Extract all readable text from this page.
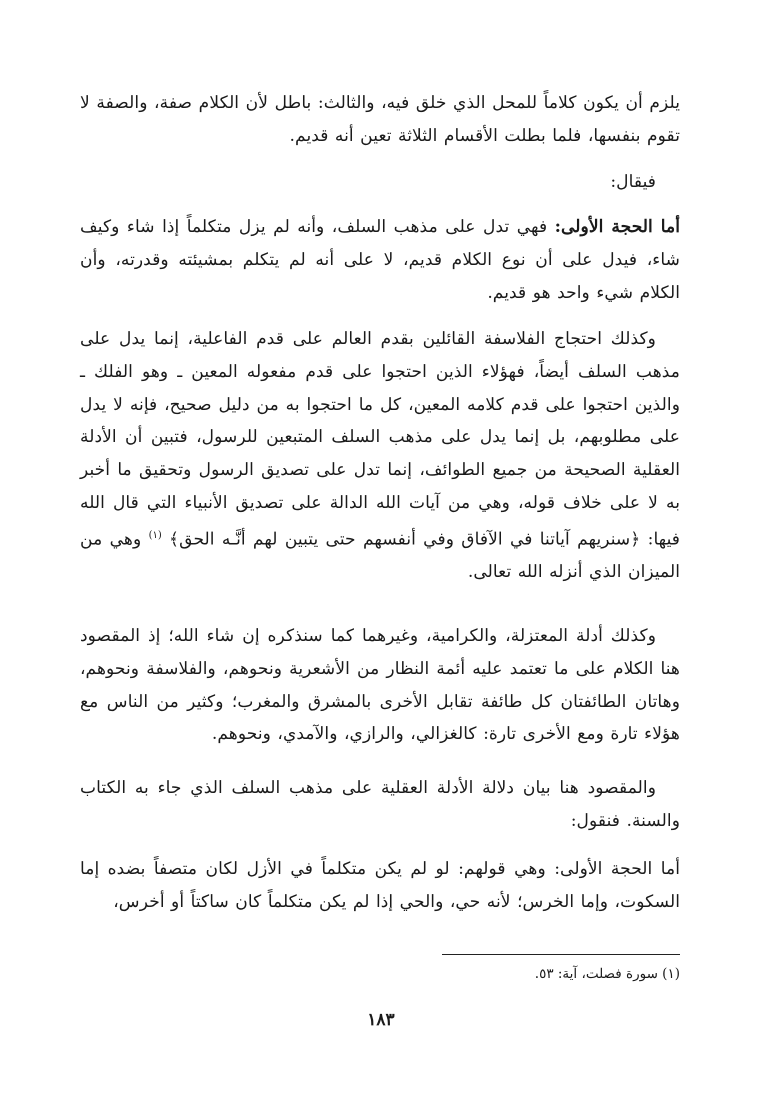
يلزم أن يكون كلاماً للمحل الذي خلق فيه، والثالث: باطل لأن الكلام صفة، والصفة لا تقوم بنفسها، فلما بطلت الأقسام الثلاثة تعين أنه قديم.

فيقال:

أما الحجة الأولى: فهي تدل على مذهب السلف، وأنه لم يزل متكلماً إذا شاء وكيف شاء، فيدل على أن نوع الكلام قديم، لا على أنه لم يتكلم بمشيئته وقدرته، وأن الكلام شيء واحد هو قديم.

وكذلك احتجاج الفلاسفة القائلين بقدم العالم على قدم الفاعلية، إنما يدل على مذهب السلف أيضاً، فهؤلاء الذين احتجوا على قدم مفعوله المعين ـ وهو الفلك ـ والذين احتجوا على قدم كلامه المعين، كل ما احتجوا به من دليل صحيح، فإنه لا يدل على مطلوبهم، بل إنما يدل على مذهب السلف المتبعين للرسول، فتبين أن الأدلة العقلية الصحيحة من جميع الطوائف، إنما تدل على تصديق الرسول وتحقيق ما أخبر به لا على خلاف قوله، وهي من آيات الله الدالة على تصديق الأنبياء التي قال الله فيها: ﴿سنريهم آياتنا في الآفاق وفي أنفسهم حتى يتبين لهم أنَّـه الحق﴾ $^{(١)}$ وهي من الميزان الذي أنزله الله تعالى.

وكذلك أدلة المعتزلة، والكرامية، وغيرهما كما سنذكره إن شاء الله؛ إذ المقصود هنا الكلام على ما تعتمد عليه أئمة النظار من الأشعرية ونحوهم، والفلاسفة ونحوهم، وهاتان الطائفتان كل طائفة تقابل الأخرى بالمشرق والمغرب؛ وكثير من الناس مع هؤلاء تارة ومع الأخرى تارة: كالغزالي، والرازي، والآمدي، ونحوهم.

والمقصود هنا بيان دلالة الأدلة العقلية على مذهب السلف الذي جاء به الكتاب والسنة. فنقول:

أما الحجة الأولى: وهي قولهم: لو لم يكن متكلماً في الأزل لكان متصفاً بضده إما السكوت، وإما الخرس؛ لأنه حي، والحي إذا لم يكن متكلماً كان ساكتاً أو أخرس،

(١) سورة فصلت، آية: ٥٣.
١٨٣
